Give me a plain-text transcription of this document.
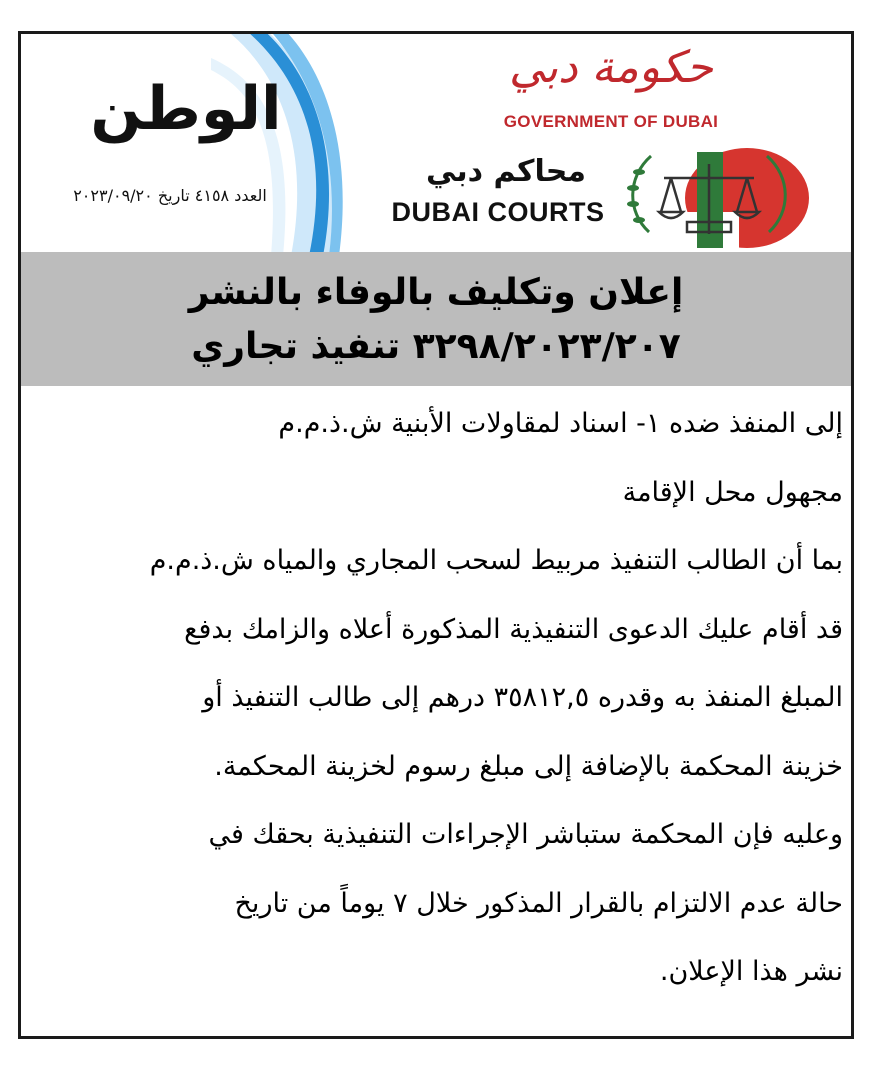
الوطن
العدد ٤١٥٨ تاريخ ٢٠٢٣/٠٩/٢٠
حكومة دبي
GOVERNMENT OF DUBAI
محاكم دبي
DUBAI COURTS
إعلان وتكليف بالوفاء بالنشر
٣٢٩٨/٢٠٢٣/٢٠٧ تنفيذ تجاري
إلى المنفذ ضده ١- اسناد لمقاولات الأبنية ش.ذ.م.م
مجهول محل الإقامة
بما أن الطالب التنفيذ مربيط لسحب المجاري والمياه ش.ذ.م.م
قد أقام عليك الدعوى التنفيذية المذكورة أعلاه والزامك بدفع
المبلغ المنفذ به وقدره ٣٥٨١٢,٥ درهم إلى طالب التنفيذ أو
خزينة المحكمة بالإضافة إلى مبلغ رسوم لخزينة المحكمة.
وعليه فإن المحكمة ستباشر الإجراءات التنفيذية بحقك في
حالة عدم الالتزام بالقرار المذكور خلال ٧ يوماً من تاريخ
نشر هذا الإعلان.
